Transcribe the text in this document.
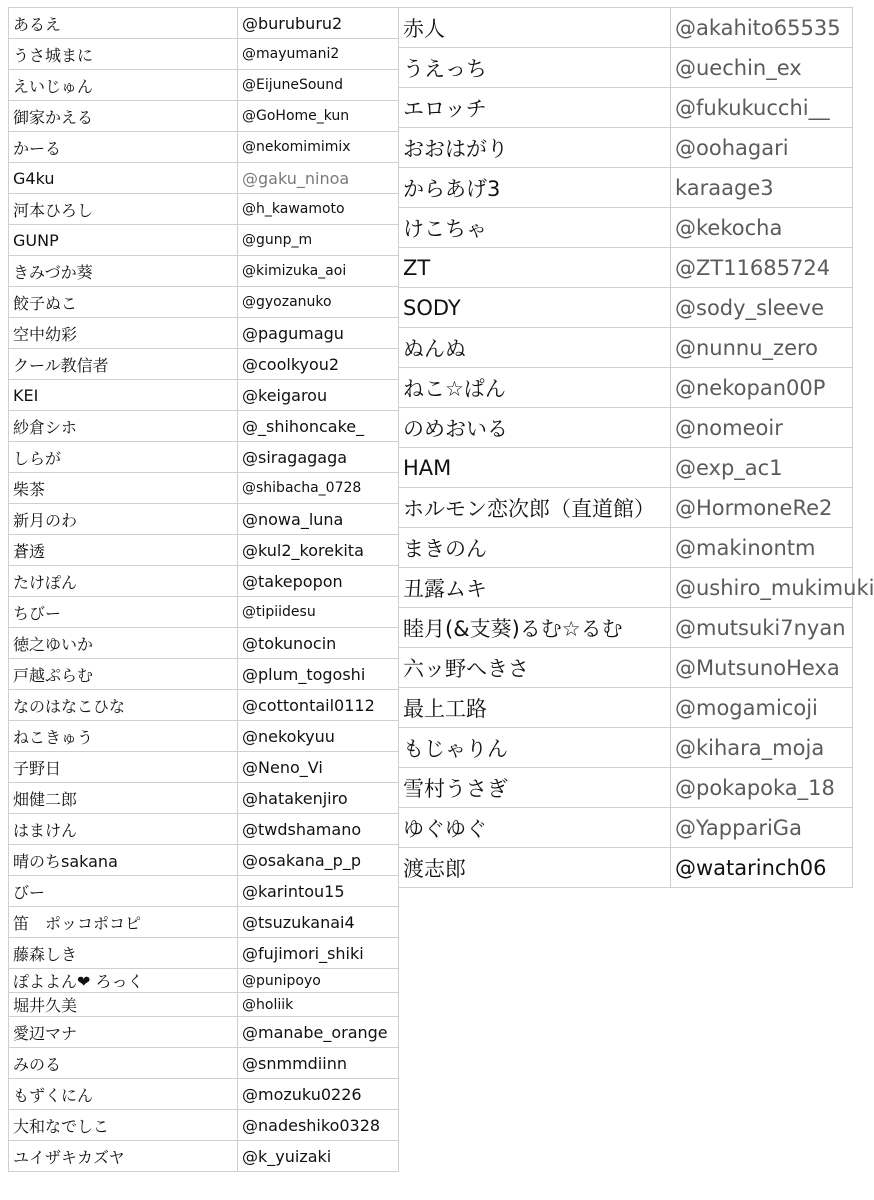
あるえ	@buruburu2
うさ城まに	@mayumani2
えいじゅん	@EijuneSound
御家かえる	@GoHome_kun
かーる	@nekomimimix
G4ku	@gaku_ninoa
河本ひろし	@h_kawamoto
GUNP	@gunp_m
きみづか葵	@kimizuka_aoi
餃子ぬこ	@gyozanuko
空中幼彩	@pagumagu
クール教信者	@coolkyou2
KEI	@keigarou
紗倉シホ	@_shihoncake_
しらが	@siragagaga
柴茶	@shibacha_0728
新月のわ	@nowa_luna
蒼透	@kul2_korekita
たけぽん	@takepopon
ちびー	@tipiidesu
徳之ゆいか	@tokunocin
戸越ぷらむ	@plum_togoshi
なのはなこひな	@cottontail0112
ねこきゅう	@nekokyuu
子野日	@Neno_Vi
畑健二郎	@hatakenjiro
はまけん	@twdshamano
晴のちsakana	@osakana_p_p
びー	@karintou15
笛　ポッコポコピ	@tsuzukanai4
藤森しき	@fujimori_shiki
ぽよよん❤ ろっく	@punipoyo
堀井久美	@holiik
愛辺マナ	@manabe_orange
みのる	@snmmdiinn
もずくにん	@mozuku0226
大和なでしこ	@nadeshiko0328
ユイザキカズヤ	@k_yuizaki
赤人	@akahito65535
うえっち	@uechin_ex
エロッチ	@fukukucchi__
おおはがり	@oohagari
からあげ3	karaage3
けこちゃ	@kekocha
ZT	@ZT11685724
SODY	@sody_sleeve
ぬんぬ	@nunnu_zero
ねこ☆ぱん	@nekopan00P
のめおいる	@nomeoir
HAM	@exp_ac1
ホルモン恋次郎（直道館）	@HormoneRe2
まきのん	@makinontm
丑露ムキ	@ushiro_mukimuki
睦月(&支葵)るむ☆るむ	@mutsuki7nyan
六ッ野へきさ	@MutsunoHexa
最上工路	@mogamicoji
もじゃりん	@kihara_moja
雪村うさぎ	@pokapoka_18
ゆぐゆぐ	@YappariGa
渡志郎	@watarinch06
